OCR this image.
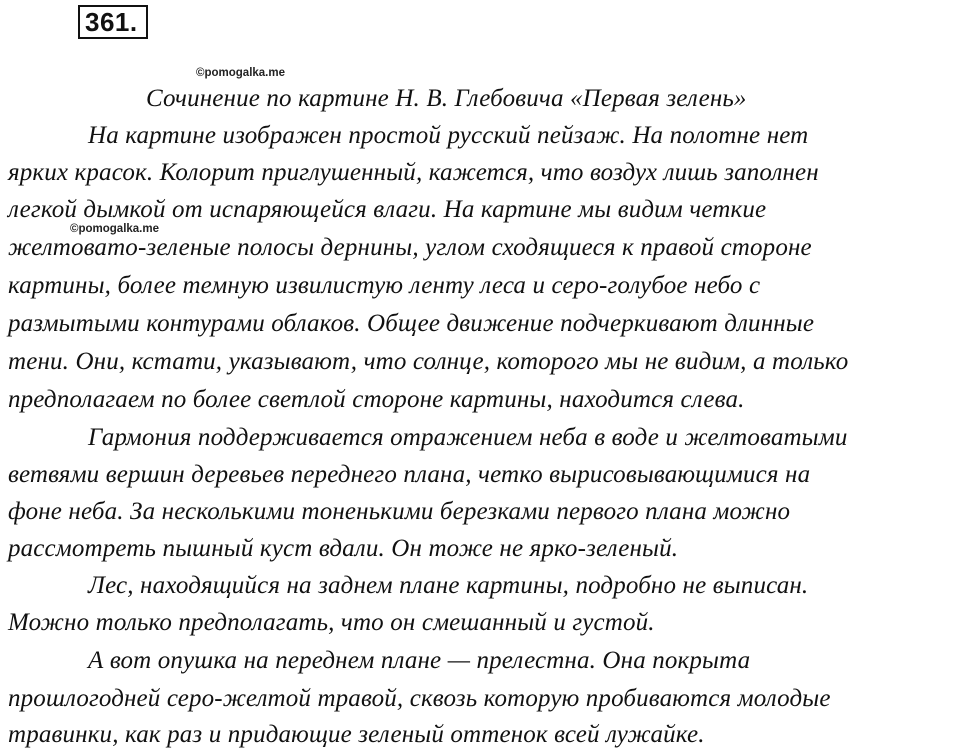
361.
©pomogalka.me
Сочинение по картине Н. В. Глебовича «Первая зелень»
На картине изображен простой русский пейзаж. На полотне нет
ярких красок. Колорит приглушенный, кажется, что воздух лишь заполнен
легкой дымкой от испаряющейся влаги. На картине мы видим четкие
©pomogalka.me
желтовато-зеленые полосы дернины, углом сходящиеся к правой стороне
картины, более темную извилистую ленту леса и серо-голубое небо с
размытыми контурами облаков. Общее движение подчеркивают длинные
тени. Они, кстати, указывают, что солнце, которого мы не видим, а только
предполагаем по более светлой стороне картины, находится слева.
Гармония поддерживается отражением неба в воде и желтоватыми
ветвями вершин деревьев переднего плана, четко вырисовывающимися на
фоне неба. За несколькими тоненькими березками первого плана можно
рассмотреть пышный куст вдали. Он тоже не ярко-зеленый.
Лес, находящийся на заднем плане картины, подробно не выписан.
Можно только предполагать, что он смешанный и густой.
А вот опушка на переднем плане — прелестна. Она покрыта
прошлогодней серо-желтой травой, сквозь которую пробиваются молодые
травинки, как раз и придающие зеленый оттенок всей лужайке.
